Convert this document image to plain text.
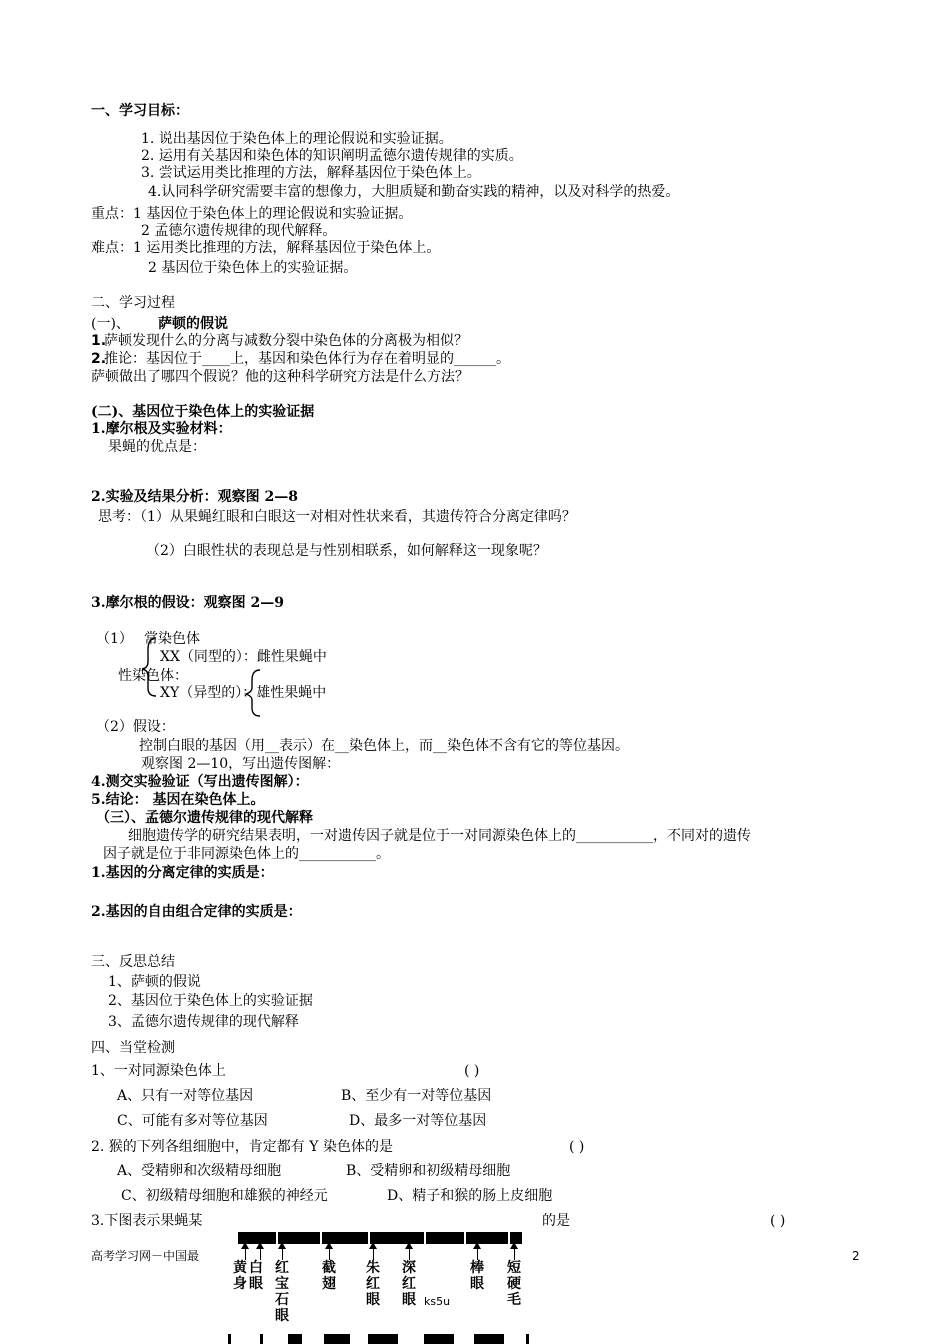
一、学习目标：
1. 说出基因位于染色体上的理论假说和实验证据。
2. 运用有关基因和染色体的知识阐明孟德尔遗传规律的实质。
3. 尝试运用类比推理的方法，解释基因位于染色体上。
4.认同科学研究需要丰富的想像力，大胆质疑和勤奋实践的精神，以及对科学的热爱。
重点：1 基因位于染色体上的理论假说和实验证据。
2 孟德尔遗传规律的现代解释。
难点：1 运用类比推理的方法，解释基因位于染色体上。
2 基因位于染色体上的实验证据。
二、学习过程
(一)、 萨顿的假说
1.
萨顿发现什么的分离与减数分裂中染色体的分离极为相似？
2.
推论：基因位于____上，基因和染色体行为存在着明显的______。
萨顿做出了哪四个假说？他的这种科学研究方法是什么方法？
(二)、基因位于染色体上的实验证据
1.摩尔根及实验材料：
果蝇的优点是：
2.实验及结果分析：观察图 2—8
思考：（1）从果蝇红眼和白眼这一对相对性状来看，其遗传符合分离定律吗？
（2）白眼性状的表现总是与性别相联系，如何解释这一现象呢？
3.摩尔根的假设：观察图 2—9
（1） 常染色体
XX（同型的）：雌性果蝇中
性染色体：
XY（异型的）：雄性果蝇中
（2）假设：
控制白眼的基因（用__表示）在__染色体上，而__染色体不含有它的等位基因。
观察图 2—10，写出遗传图解：
4.测交实验验证（写出遗传图解）：
5.结论： 基因在染色体上。
（三）、孟德尔遗传规律的现代解释
细胞遗传学的研究结果表明，一对遗传因子就是位于一对同源染色体上的___________，不同对的遗传
因子就是位于非同源染色体上的___________。
1.基因的分离定律的实质是：
2.基因的自由组合定律的实质是：
三、反思总结
1、萨顿的假说
2、基因位于染色体上的实验证据
3、孟德尔遗传规律的现代解释
四、当堂检测
1、一对同源染色体上	( )
A、只有一对等位基因	B、至少有一对等位基因
C、可能有多对等位基因	D、最多一对等位基因
2. 猴的下列各组细胞中，肯定都有 Y 染色体的是	( )
A、受精卵和次级精母细胞	B、受精卵和初级精母细胞
C、初级精母细胞和雄猴的神经元	D、精子和猴的肠上皮细胞
3.下图表示果蝇某	的是	( )
黄身
白眼
红宝石眼
截翅
朱红眼
深红眼
棒眼
短硬毛
ks5u
高考学习网－中国最	2
